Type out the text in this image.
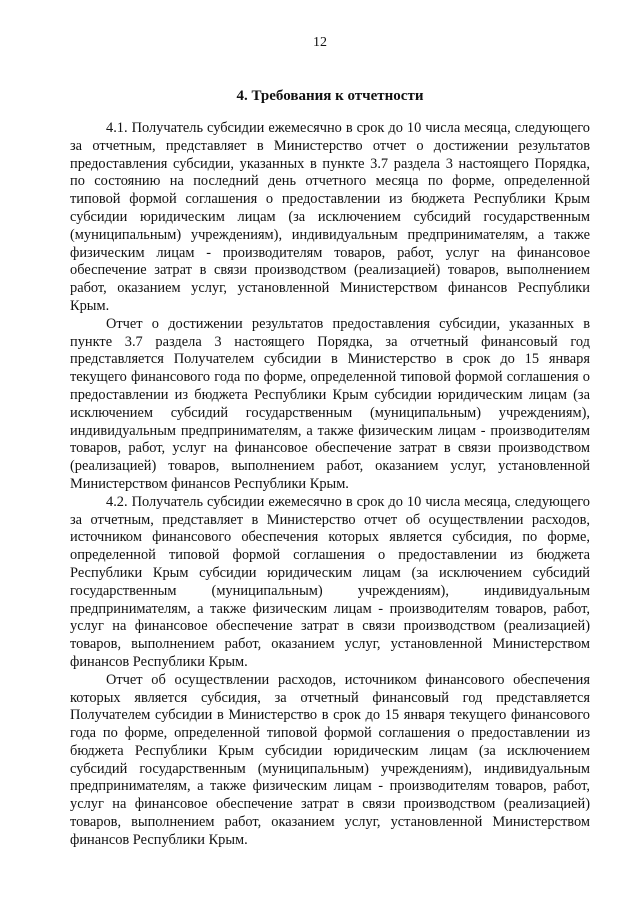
12
4. Требования к отчетности

4.1. Получатель субсидии ежемесячно в срок до 10 числа месяца, следующего за отчетным, представляет в Министерство отчет о достижении результатов предоставления субсидии, указанных в пункте 3.7 раздела 3 настоящего Порядка, по состоянию на последний день отчетного месяца по форме, определенной типовой формой соглашения о предоставлении из бюджета Республики Крым субсидии юридическим лицам (за исключением субсидий государственным (муниципальным) учреждениям), индивидуальным предпринимателям, а также физическим лицам - производителям товаров, работ, услуг на финансовое обеспечение затрат в связи производством (реализацией) товаров, выполнением работ, оказанием услуг, установленной Министерством финансов Республики Крым.

Отчет о достижении результатов предоставления субсидии, указанных в пункте 3.7 раздела 3 настоящего Порядка, за отчетный финансовый год представляется Получателем субсидии в Министерство в срок до 15 января текущего финансового года по форме, определенной типовой формой соглашения о предоставлении из бюджета Республики Крым субсидии юридическим лицам (за исключением субсидий государственным (муниципальным) учреждениям), индивидуальным предпринимателям, а также физическим лицам - производителям товаров, работ, услуг на финансовое обеспечение затрат в связи производством (реализацией) товаров, выполнением работ, оказанием услуг, установленной Министерством финансов Республики Крым.

4.2. Получатель субсидии ежемесячно в срок до 10 числа месяца, следующего за отчетным, представляет в Министерство отчет об осуществлении расходов, источником финансового обеспечения которых является субсидия, по форме, определенной типовой формой соглашения о предоставлении из бюджета Республики Крым субсидии юридическим лицам (за исключением субсидий государственным (муниципальным) учреждениям), индивидуальным предпринимателям, а также физическим лицам - производителям товаров, работ, услуг на финансовое обеспечение затрат в связи производством (реализацией) товаров, выполнением работ, оказанием услуг, установленной Министерством финансов Республики Крым.

Отчет об осуществлении расходов, источником финансового обеспечения которых является субсидия, за отчетный финансовый год представляется Получателем субсидии в Министерство в срок до 15 января текущего финансового года по форме, определенной типовой формой соглашения о предоставлении из бюджета Республики Крым субсидии юридическим лицам (за исключением субсидий государственным (муниципальным) учреждениям), индивидуальным предпринимателям, а также физическим лицам - производителям товаров, работ, услуг на финансовое обеспечение затрат в связи производством (реализацией) товаров, выполнением работ, оказанием услуг, установленной Министерством финансов Республики Крым.
